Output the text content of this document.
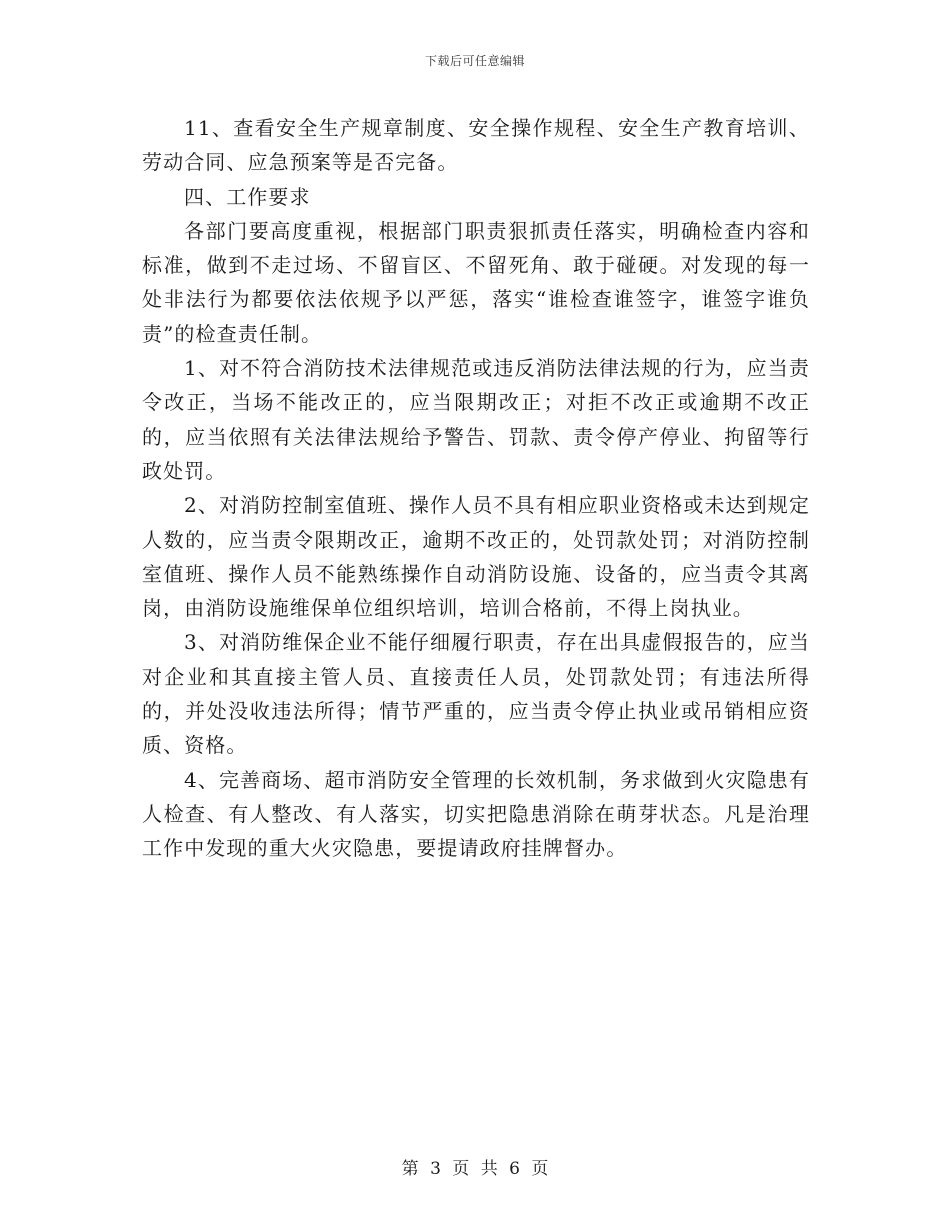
下载后可任意编辑

11、查看安全生产规章制度、安全操作规程、安全生产教育培训、劳动合同、应急预案等是否完备。

四、工作要求

各部门要高度重视，根据部门职责狠抓责任落实，明确检查内容和标准，做到不走过场、不留盲区、不留死角、敢于碰硬。对发现的每一处非法行为都要依法依规予以严惩，落实“谁检查谁签字，谁签字谁负责”的检查责任制。

1、对不符合消防技术法律规范或违反消防法律法规的行为，应当责令改正，当场不能改正的，应当限期改正；对拒不改正或逾期不改正的，应当依照有关法律法规给予警告、罚款、责令停产停业、拘留等行政处罚。

2、对消防控制室值班、操作人员不具有相应职业资格或未达到规定人数的，应当责令限期改正，逾期不改正的，处罚款处罚；对消防控制室值班、操作人员不能熟练操作自动消防设施、设备的，应当责令其离岗，由消防设施维保单位组织培训，培训合格前，不得上岗执业。

3、对消防维保企业不能仔细履行职责，存在出具虚假报告的，应当对企业和其直接主管人员、直接责任人员，处罚款处罚；有违法所得的，并处没收违法所得；情节严重的，应当责令停止执业或吊销相应资质、资格。

4、完善商场、超市消防安全管理的长效机制，务求做到火灾隐患有人检查、有人整改、有人落实，切实把隐患消除在萌芽状态。凡是治理工作中发现的重大火灾隐患，要提请政府挂牌督办。

第 3 页 共 6 页
